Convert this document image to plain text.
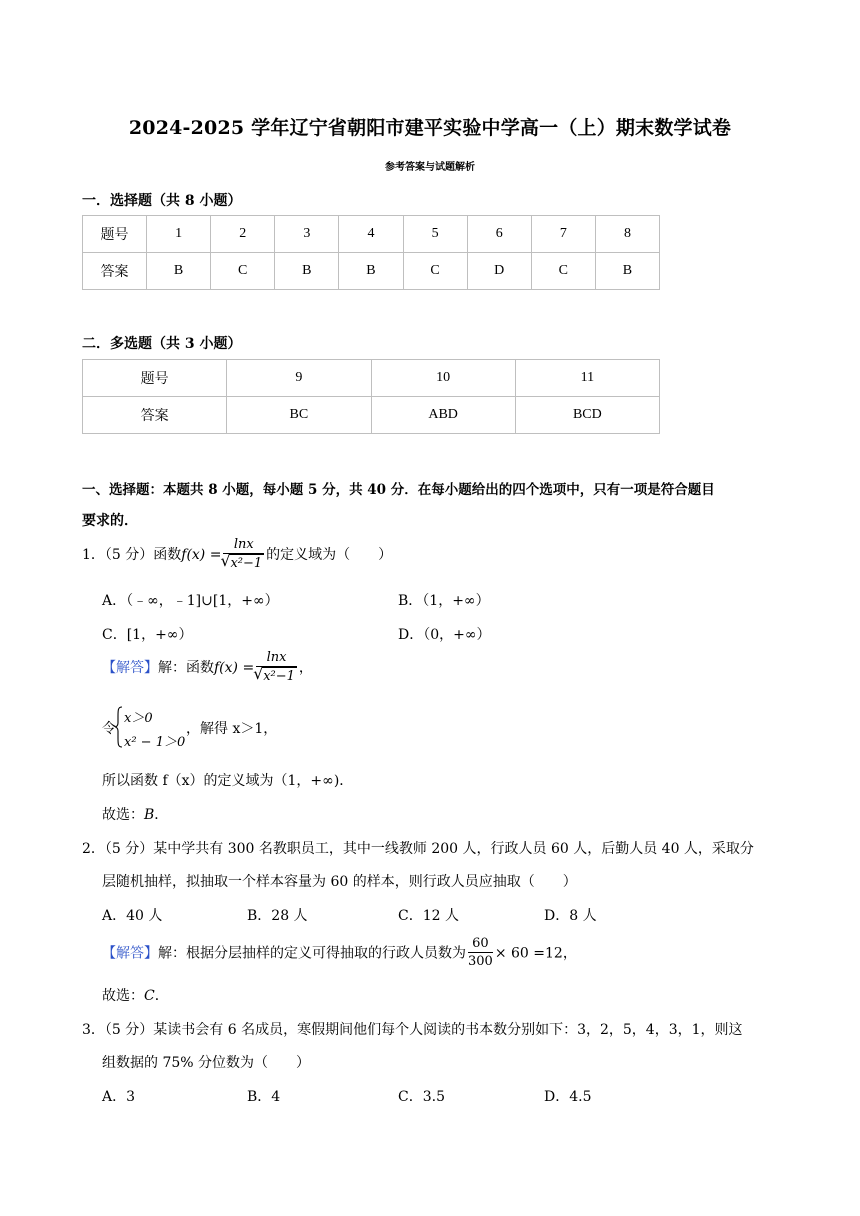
2024-2025 学年辽宁省朝阳市建平实验中学高一（上）期末数学试卷
参考答案与试题解析
一．选择题（共 8 小题）
题号	1	2	3	4	5	6	7	8
答案	B	C	B	B	C	D	C	B
二．多选题（共 3 小题）
题号	9	10	11
答案	BC	ABD	BCD
一、选择题：本题共 8 小题，每小题 5 分，共 40 分．在每小题给出的四个选项中，只有一项是符合题目
要求的．
1．（5 分）函数f(x) = lnx
√ x²−1 的定义域为（　　）
A．（﹣∞，﹣1]∪[1，+∞）	B．（1，+∞）
C．[1，+∞）	D．（0，+∞）
【解答】解：函数f(x) = lnx
√ x²−1 ，
令
x＞0
x² − 1＞0
，解得 x＞1，
所以函数 f（x）的定义域为（1，+∞)．
故选：B．
2．（5 分）某中学共有 300 名教职员工，其中一线教师 200 人，行政人员 60 人，后勤人员 40 人，采取分
层随机抽样，拟抽取一个样本容量为 60 的样本，则行政人员应抽取（　　）
A．40 人	B．28 人	C．12 人	D．8 人
【解答】解：根据分层抽样的定义可得抽取的行政人员数为 $\frac{60}{300} \times 60 =12$，
故选：C．
3．（5 分）某读书会有 6 名成员，寒假期间他们每个人阅读的书本数分别如下：3，2，5，4，3，1，则这
组数据的 75% 分位数为（　　）
A．3	B．4	C．3.5	D．4.5
